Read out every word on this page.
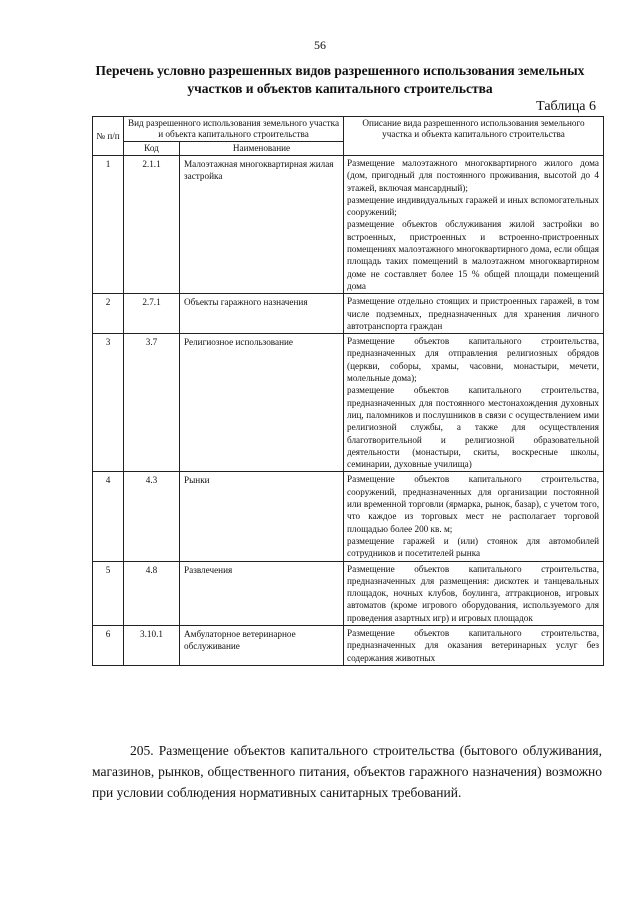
56
Перечень условно разрешенных видов разрешенного использования земельных участков и объектов капитального строительства
Таблица 6
№ п/п	Вид разрешенного использования земельного участка и объекта капитального строительства		Описание вида разрешенного использования земельного участка и объекта капитального строительства
	Код	Наименование	
1	2.1.1	Малоэтажная многоквартирная жилая застройка	Размещение малоэтажного многоквартирного жилого дома (дом, пригодный для постоянного проживания, высотой до 4 этажей, включая мансардный);

размещение индивидуальных гаражей и иных вспомогательных сооружений;

размещение объектов обслуживания жилой застройки во встроенных, пристроенных и встроенно-пристроенных помещениях малоэтажного многоквартирного дома, если общая площадь таких помещений в малоэтажном многоквартирном доме не составляет более 15 % общей площади помещений дома

2	2.7.1	Объекты гаражного назначения	Размещение отдельно стоящих и пристроенных гаражей, в том числе подземных, предназначенных для хранения личного автотранспорта граждан

3	3.7	Религиозное использование	Размещение объектов капитального строительства, предназначенных для отправления религиозных обрядов (церкви, соборы, храмы, часовни, монастыри, мечети, молельные дома);

размещение объектов капитального строительства, предназначенных для постоянного местонахождения духовных лиц, паломников и послушников в связи с осуществлением ими религиозной службы, а также для осуществления благотворительной и религиозной образовательной деятельности (монастыри, скиты, воскресные школы, семинарии, духовные училища)

4	4.3	Рынки	Размещение объектов капитального строительства, сооружений, предназначенных для организации постоянной или временной торговли (ярмарка, рынок, базар), с учетом того, что каждое из торговых мест не располагает торговой площадью более 200 кв. м;

размещение гаражей и (или) стоянок для автомобилей сотрудников и посетителей рынка

5	4.8	Развлечения	Размещение объектов капитального строительства, предназначенных для размещения: дискотек и танцевальных площадок, ночных клубов, боулинга, аттракционов, игровых автоматов (кроме игрового оборудования, используемого для проведения азартных игр) и игровых площадок

6	3.10.1	Амбулаторное ветеринарное обслуживание	Размещение объектов капитального строительства, предназначенных для оказания ветеринарных услуг без содержания животных

205. Размещение объектов капитального строительства (бытового облуживания, магазинов, рынков, общественного питания, объектов гаражного назначения) возможно при условии соблюдения нормативных санитарных требований.
